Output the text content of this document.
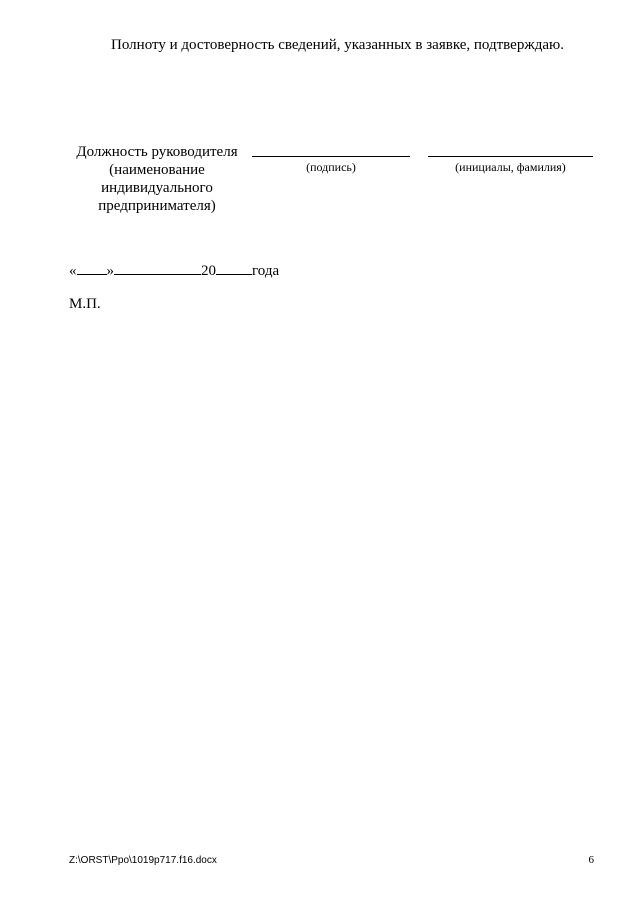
Полноту и достоверность сведений, указанных в заявке, подтверждаю.
Должность руководителя
(наименование
индивидуального
предпринимателя)
(подпись)	(инициалы, фамилия)
« »	20 года
М.П.
Z:\ORST\Ppo\1019p717.f16.docx	6
